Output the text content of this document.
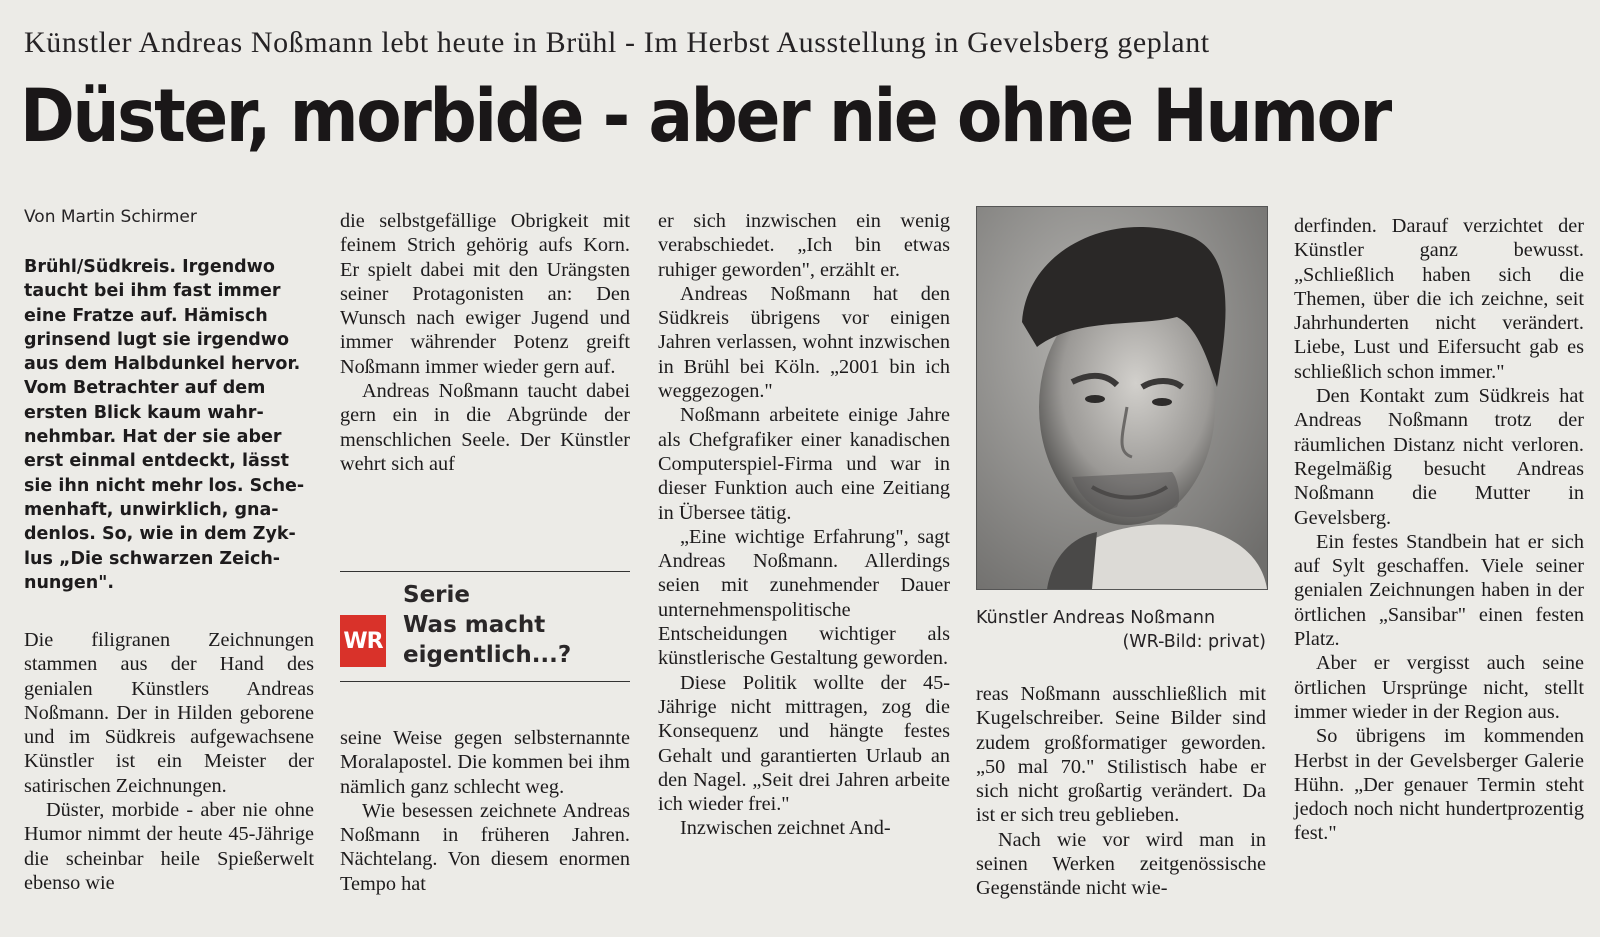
Künstler Andreas Noßmann lebt heute in Brühl - Im Herbst Ausstellung in Gevelsberg geplant
Düster, morbide - aber nie ohne Humor
Von Martin Schirmer
Brühl/Südkreis. Irgendwo
taucht bei ihm fast immer
eine Fratze auf. Hämisch
grinsend lugt sie irgendwo
aus dem Halbdunkel hervor.
Vom Betrachter auf dem
ersten Blick kaum wahr-
nehmbar. Hat der sie aber
erst einmal entdeckt, lässt
sie ihn nicht mehr los. Sche-
menhaft, unwirklich, gna-
denlos. So, wie in dem Zyk-
lus „Die schwarzen Zeich-
nungen".

Die filigranen Zeichnungen stammen aus der Hand des genialen Künstlers Andreas Noßmann. Der in Hilden geborene und im Südkreis aufgewachsene Künstler ist ein Meister der satirischen Zeichnungen.

Düster, morbide - aber nie ohne Humor nimmt der heute 45-Jährige die scheinbar heile Spießerwelt ebenso wie

die selbstgefällige Obrigkeit mit feinem Strich gehörig aufs Korn. Er spielt dabei mit den Urängsten seiner Protagonisten an: Den Wunsch nach ewiger Jugend und immer währender Potenz greift Noßmann immer wieder gern auf.

Andreas Noßmann taucht dabei gern ein in die Abgründe der menschlichen Seele. Der Künstler wehrt sich auf

WR
Serie
Was macht
eigentlich...?

seine Weise gegen selbsternannte Moralapostel. Die kommen bei ihm nämlich ganz schlecht weg.

Wie besessen zeichnete Andreas Noßmann in früheren Jahren. Nächtelang. Von diesem enormen Tempo hat

er sich inzwischen ein wenig verabschiedet. „Ich bin etwas ruhiger geworden", erzählt er.

Andreas Noßmann hat den Südkreis übrigens vor einigen Jahren verlassen, wohnt inzwischen in Brühl bei Köln. „2001 bin ich weggezogen."

Noßmann arbeitete einige Jahre als Chefgrafiker einer kanadischen Computerspiel-Firma und war in dieser Funktion auch eine Zeitiang in Übersee tätig.

„Eine wichtige Erfahrung", sagt Andreas Noßmann. Allerdings seien mit zunehmender Dauer unternehmenspolitische Entscheidungen wichtiger als künstlerische Gestaltung geworden.

Diese Politik wollte der 45-Jährige nicht mittragen, zog die Konsequenz und hängte festes Gehalt und garantierten Urlaub an den Nagel. „Seit drei Jahren arbeite ich wieder frei."

Inzwischen zeichnet And-

Künstler Andreas Noßmann
(WR-Bild: privat)

reas Noßmann ausschließlich mit Kugelschreiber. Seine Bilder sind zudem großformatiger geworden. „50 mal 70." Stilistisch habe er sich nicht großartig verändert. Da ist er sich treu geblieben.

Nach wie vor wird man in seinen Werken zeitgenössische Gegenstände nicht wie-

derfinden. Darauf verzichtet der Künstler ganz bewusst. „Schließlich haben sich die Themen, über die ich zeichne, seit Jahrhunderten nicht verändert. Liebe, Lust und Eifersucht gab es schließlich schon immer."

Den Kontakt zum Südkreis hat Andreas Noßmann trotz der räumlichen Distanz nicht verloren. Regelmäßig besucht Andreas Noßmann die Mutter in Gevelsberg.

Ein festes Standbein hat er sich auf Sylt geschaffen. Viele seiner genialen Zeichnungen haben in der örtlichen „Sansibar" einen festen Platz.

Aber er vergisst auch seine örtlichen Ursprünge nicht, stellt immer wieder in der Region aus.

So übrigens im kommenden Herbst in der Gevelsberger Galerie Hühn. „Der genauer Termin steht jedoch noch nicht hundertprozentig fest."
